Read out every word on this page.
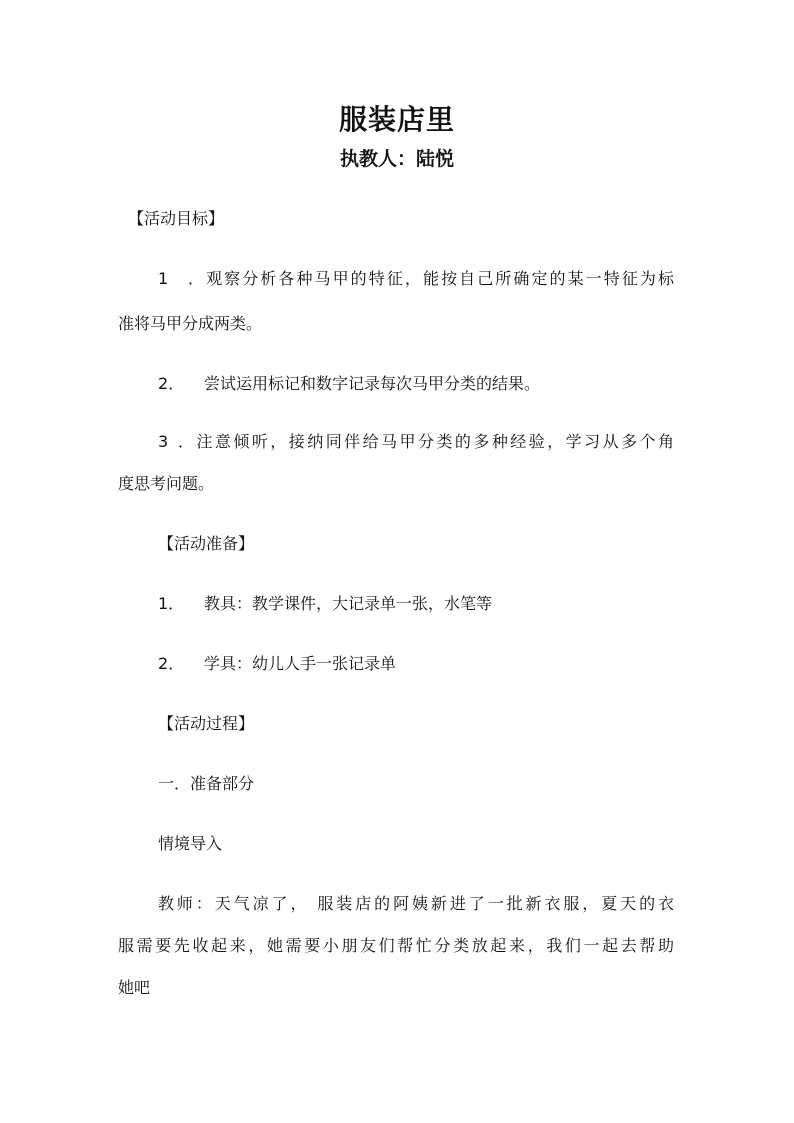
服装店里
执教人：陆悦
【活动目标】
1．观察分析各种马甲的特征，能按自己所确定的某一特征为标
准将马甲分成两类。
2． 尝试运用标记和数字记录每次马甲分类的结果。
3．注意倾听，接纳同伴给马甲分类的多种经验，学习从多个角
度思考问题。
【活动准备】
1． 教具：教学课件，大记录单一张，水笔等
2． 学具：幼儿人手一张记录单
【活动过程】
一．准备部分
情境导入
教师：天气凉了， 服装店的阿姨新进了一批新衣服，夏天的衣
服需要先收起来，她需要小朋友们帮忙分类放起来，我们一起去帮助
她吧
